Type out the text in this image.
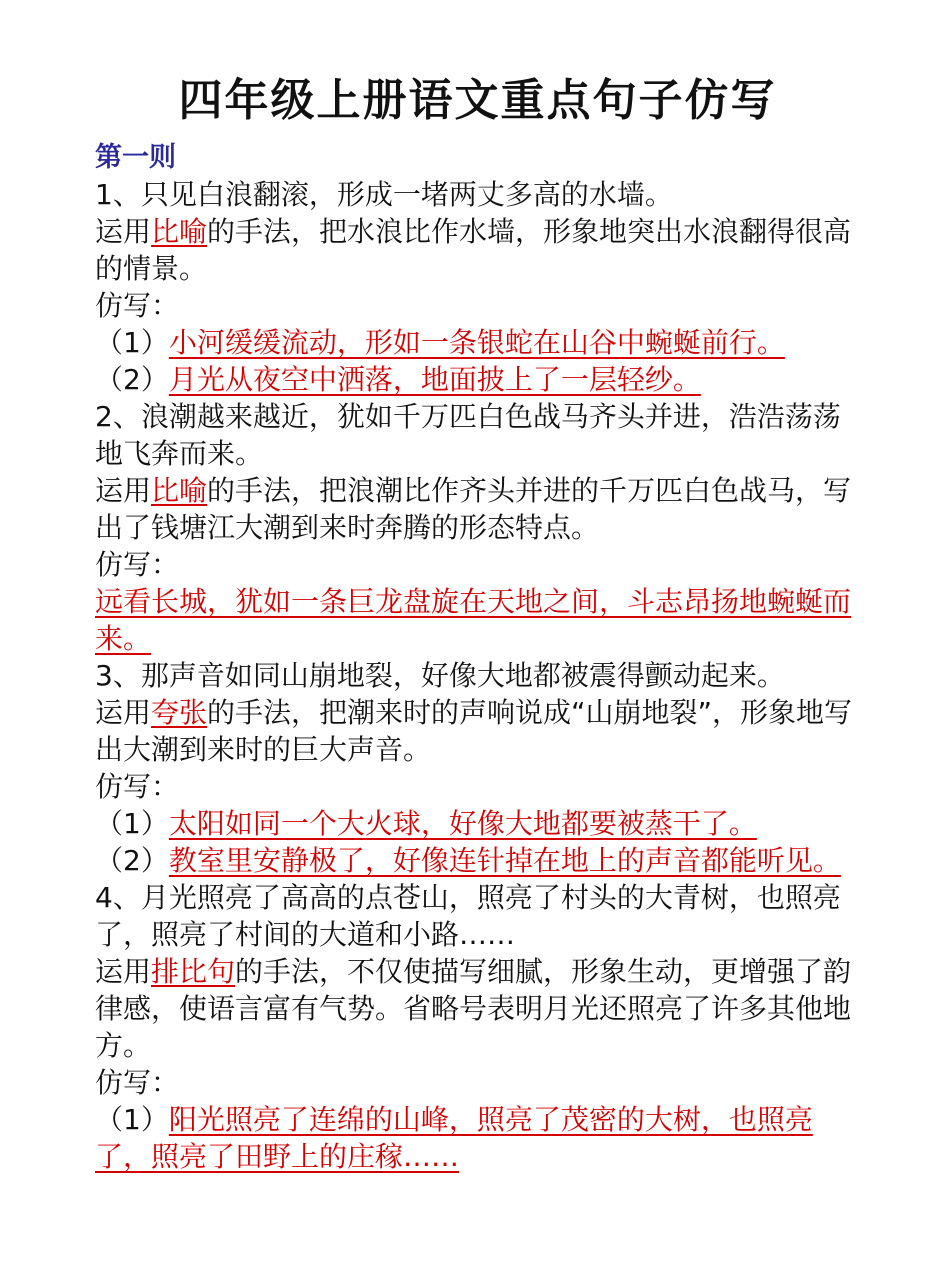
四年级上册语文重点句子仿写
第一则
1、只见白浪翻滚，形成一堵两丈多高的水墙。
运用比喻的手法，把水浪比作水墙，形象地突出水浪翻得很高的情景。
仿写：
（1）小河缓缓流动，形如一条银蛇在山谷中蜿蜒前行。
（2）月光从夜空中洒落，地面披上了一层轻纱。
2、浪潮越来越近，犹如千万匹白色战马齐头并进，浩浩荡荡地飞奔而来。
运用比喻的手法，把浪潮比作齐头并进的千万匹白色战马，写出了钱塘江大潮到来时奔腾的形态特点。
仿写：
远看长城，犹如一条巨龙盘旋在天地之间，斗志昂扬地蜿蜒而来。
3、那声音如同山崩地裂，好像大地都被震得颤动起来。
运用夸张的手法，把潮来时的声响说成“山崩地裂”，形象地写出大潮到来时的巨大声音。
仿写：
（1）太阳如同一个大火球，好像大地都要被蒸干了。
（2）教室里安静极了，好像连针掉在地上的声音都能听见。
4、月光照亮了高高的点苍山，照亮了村头的大青树，也照亮了，照亮了村间的大道和小路……
运用排比句的手法，不仅使描写细腻，形象生动，更增强了韵律感，使语言富有气势。省略号表明月光还照亮了许多其他地方。
仿写：
（1）阳光照亮了连绵的山峰，照亮了茂密的大树，也照亮了，照亮了田野上的庄稼……
